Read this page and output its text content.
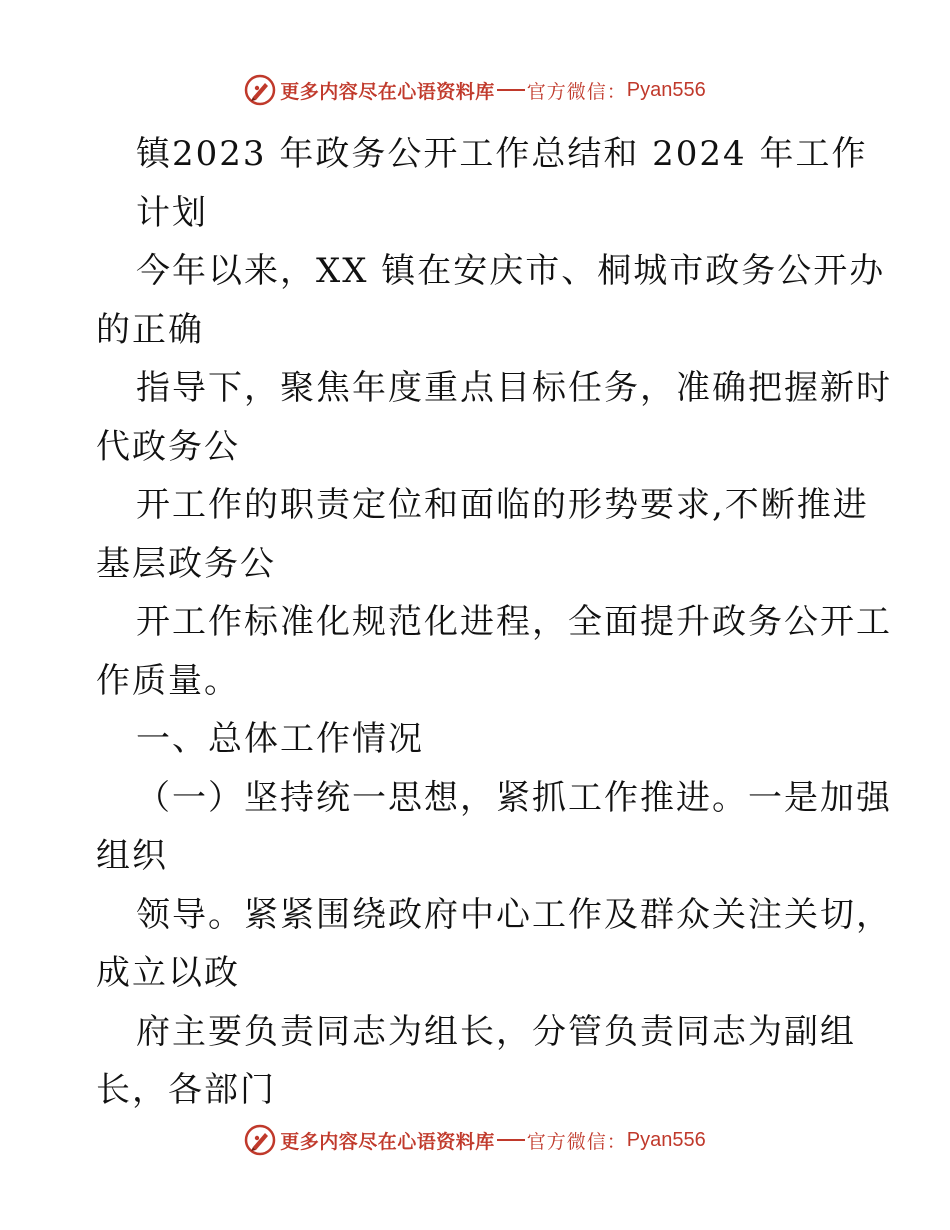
更多内容尽在心语资料库 官方微信： Pyan556
镇2023 年政务公开工作总结和 2024 年工作
计划
今年以来，XX 镇在安庆市、桐城市政务公开办
的正确
指导下，聚焦年度重点目标任务，准确把握新时
代政务公
开工作的职责定位和面临的形势要求,不断推进
基层政务公
开工作标准化规范化进程，全面提升政务公开工
作质量。
一、总体工作情况
（一）坚持统一思想，紧抓工作推进。一是加强
组织
领导。紧紧围绕政府中心工作及群众关注关切，
成立以政
府主要负责同志为组长，分管负责同志为副组
长，各部门
更多内容尽在心语资料库 官方微信： Pyan556
